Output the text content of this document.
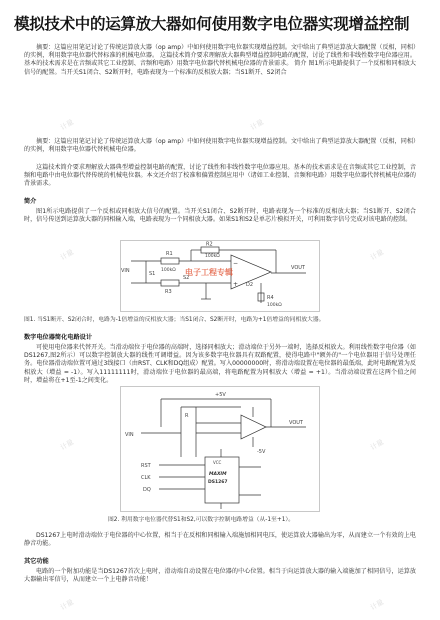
模拟技术中的运算放大器如何使用数字电位器实现增益控制
摘要：这篇应用笔记讨论了传统运算放大器（op amp）中如何使用数字电位器实现增益控制。文中给出了典型运算放大器配置（反相，同相）的实例，利用数字电位器代替标准的机械电位器。 这篇技术简介要求理解放大器典型增益控制电路的配置，讨论了线性和非线性数字电位器应用。基本的技术需求是在音频或其它工业控制、音频和电路）用数字电位器代替机械电位器的背景需求。 简介 图1所示电路提供了一个反相和同相放大信号的配置。当开关S1闭合、S2断开时，电路表现为一个标准的反相放大器；当S1断开、S2闭合
摘要：这篇应用笔记讨论了传统运算放大器（op amp）中如何使用数字电位器实现增益控制。文中给出了典型运算放大器配置（反相，同相）的实例，利用数字电位器代替机械电位器。
这篇技术简介要求理解放大器典型增益控制电路的配置，讨论了线性和非线性数字电位器应用。基本的技术需求是在音频或其它工业控制，音频和电路中由电位器代替传统的机械电位器。本文还介绍了校准和偏置控制应用中（诸如工业控制、音频和电路）用数字电位器代替机械电位器的背景需求。
简介
图1所示电路提供了一个反相或同相放大信号的配置。当开关S1闭合、S2断开时，电路表现为一个标准的反相放大器；当S1断开、S2闭合时，信号传送到运算放大器的同相输入端，电路表现为一个同相放大器。如果S1和S2是单芯片模拟开关，可利用数字信号完成对该电路的控制。
−
+
R1
R2
100kΩ
100kΩ
S1
S2
VIN	VOUT
R3
R4
100kΩ
D2
电子工程专辑
图1. 当S1断开、S2闭合时，电路为-1倍增益的反相放大器；当S1闭合、S2断开时，电路为+1倍增益的同相放大器。
数字电位器简化电路设计
可使用电位器来代替开关。当滑动端位于电位器的高端时，选择同相放大；滑动端位于另外一端时，选择反相放大。利用线性数字电位器（如DS1267,图2所示）可以数字控制放大器的线性可调增益。因为该多数字电位器具有双路配置，使得电路中"额外的"一个电位器用于信号处理任务。电位器滑动端位置可通过3线接口（由RST、CLK和DQ组成）配置。写入00000000时，将滑动端设置在电位器的最低端，此时电路配置为反相放大（增益 = -1）。写入11111111时，滑动端位于电位器的最高端，将电路配置为同相放大（增益 = +1）。当滑动端设置在这两个值之间时，增益将在+1至-1之间变化。
+5V
VIN
VOUT
RST
CLK
DQ
VCC
DS1267
MAXIM
-5V
R
图2. 利用数字电位器代替S1和S2,可以数字控制电路增益（从-1至+1）。
DS1267上电时滑动端位于电位器的中心位置，相当于在反相和同相输入端施加相同电压，使运算放大器输出为零，从而建立一个有效的上电静音功能。
其它功能
电路的一个附加功能是当DS1267首次上电时，滑动端自动设置在电位器的中心位置。相当于向运算放大器的输入端施加了相同信号，运算放大器输出零信号，从而建立一个上电静音功能！
计量	计量
计量	计量
计量	计量
计量	计量
